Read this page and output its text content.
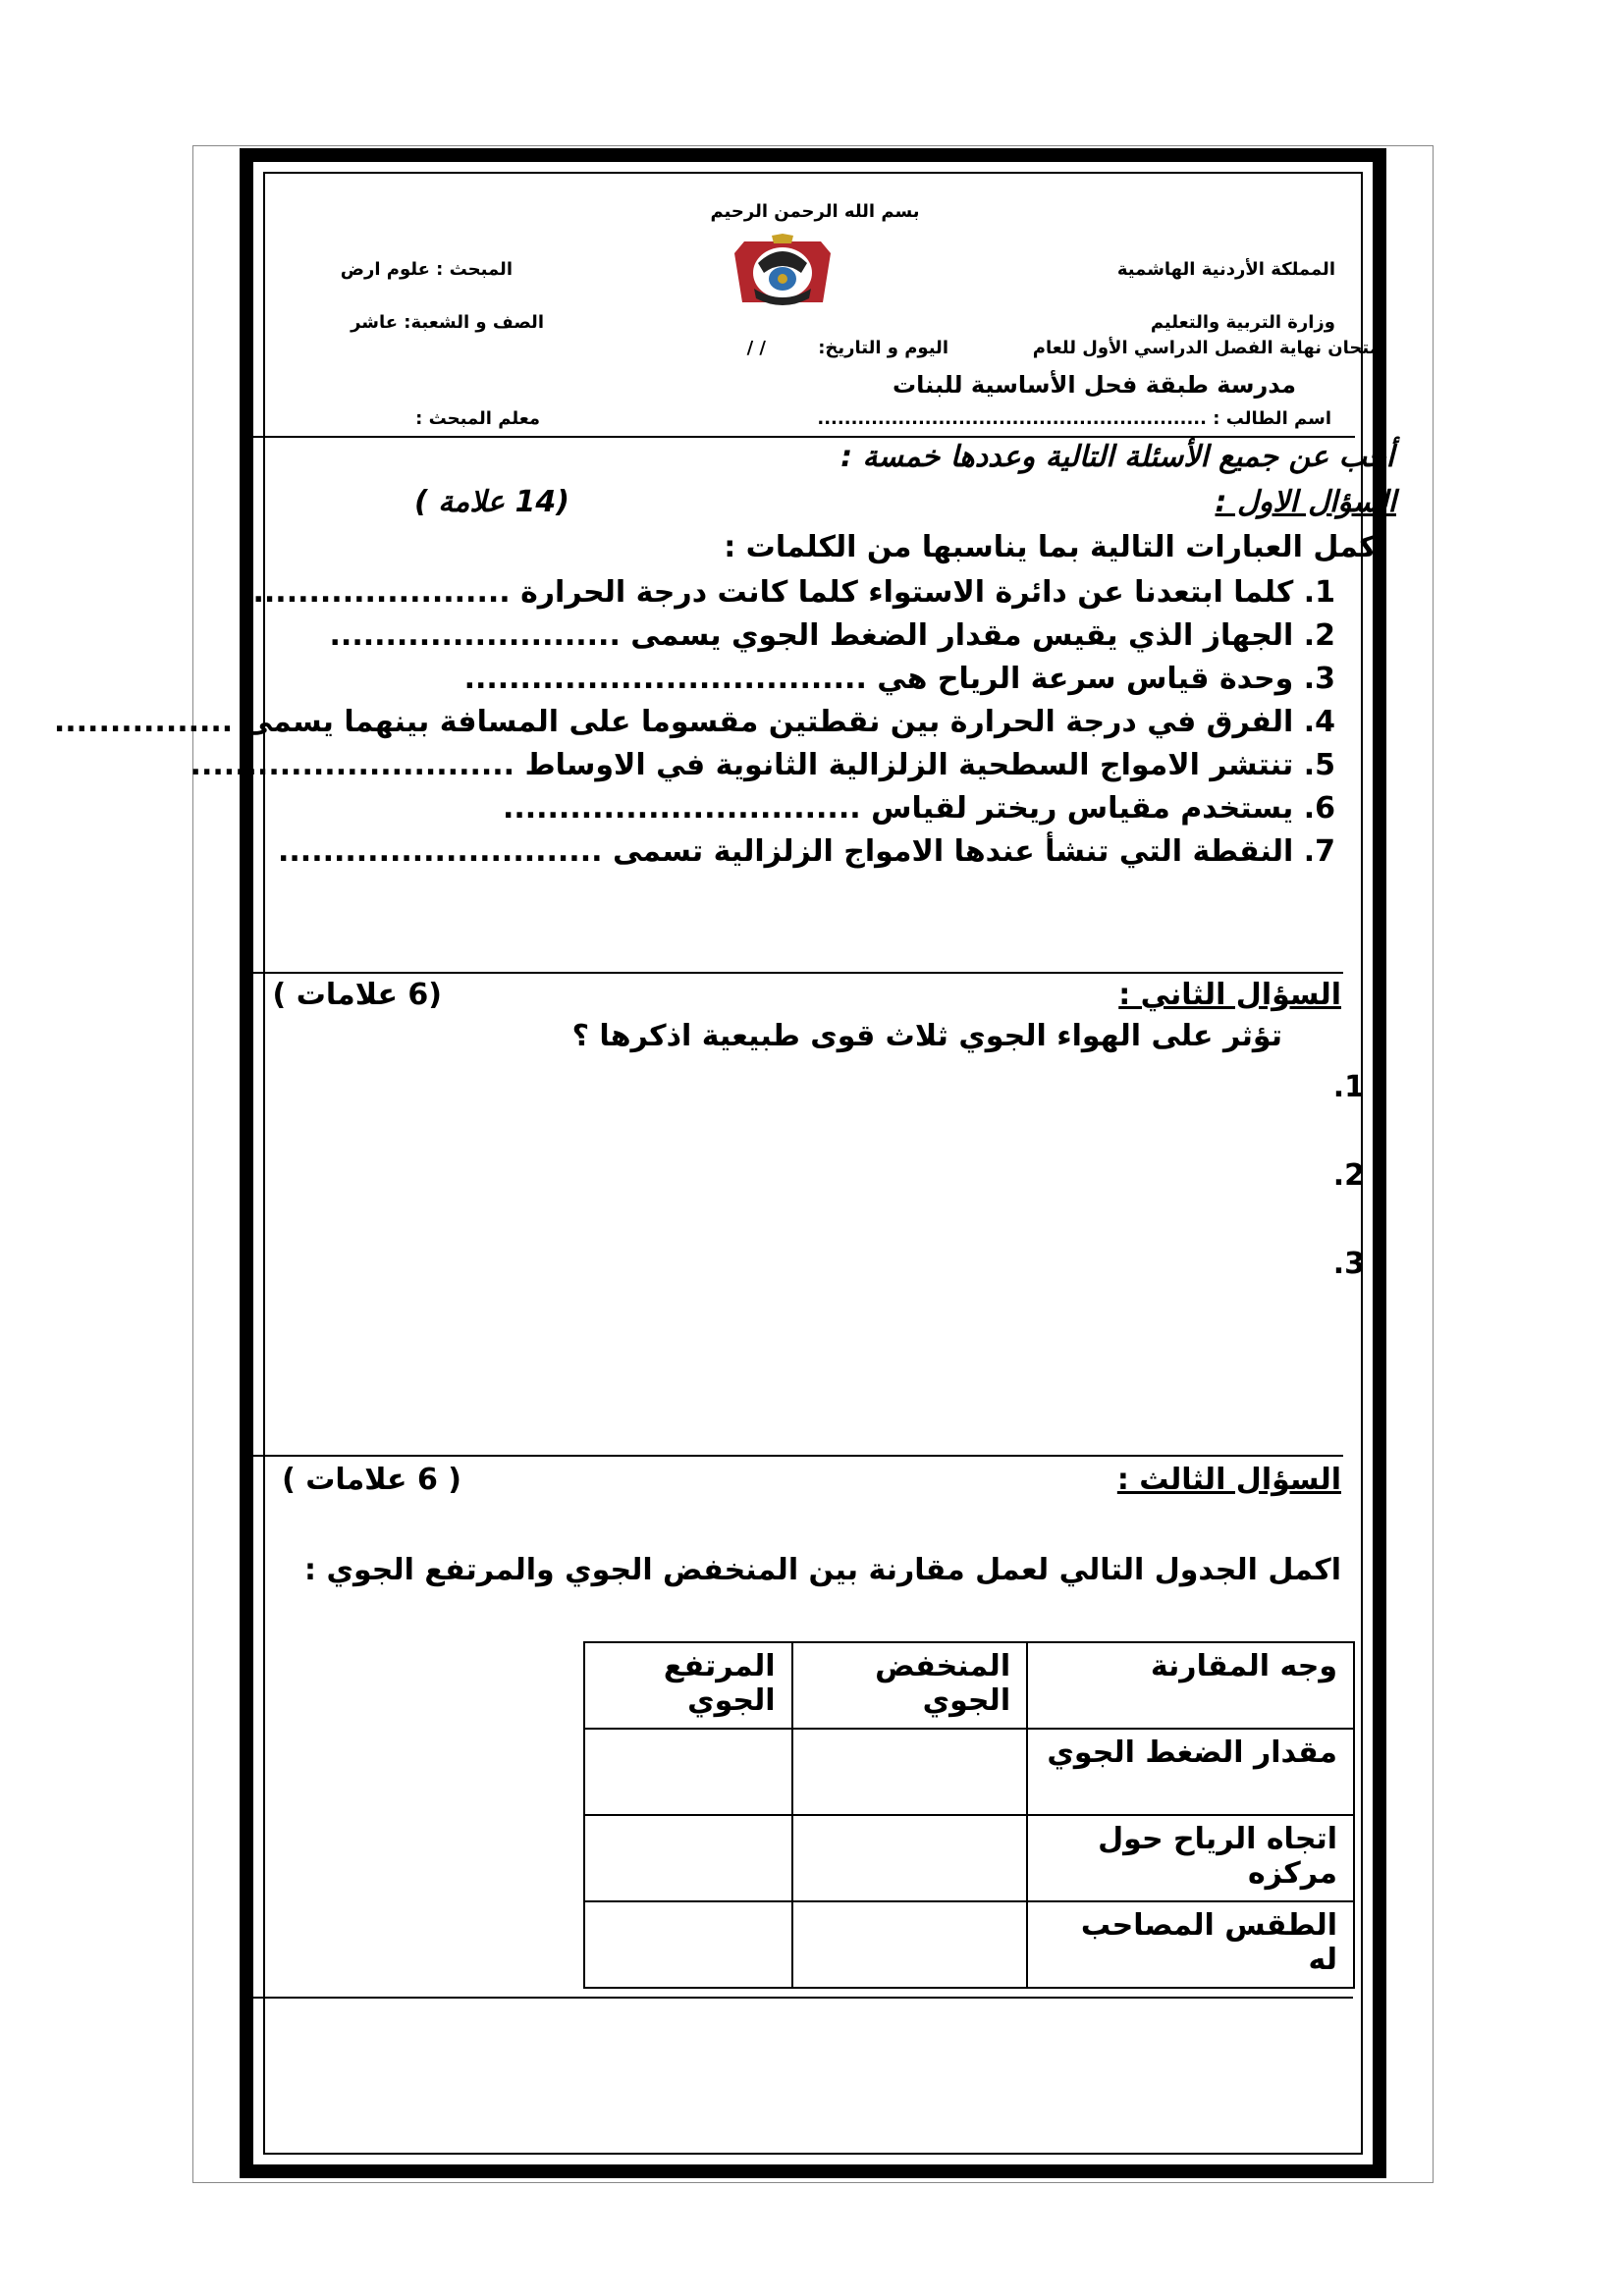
بسم الله الرحمن الرحيم
المملكة الأردنية الهاشمية
المبحث : علوم ارض
وزارة التربية والتعليم
الصف و الشعبة: عاشر
امتحان نهاية الفصل الدراسي الأول للعام
اليوم و التاريخ:
/ /
مدرسة طبقة فحل الأساسية للبنات
اسم الطالب : ..........................................................
معلم المبحث :
أجب عن جميع الأسئلة التالية وعددها خمسة :
السؤال الاول :
(14 علامة )
اكمل العبارات التالية بما يناسبها من الكلمات :
1. كلما ابتعدنا عن دائرة الاستواء كلما كانت درجة الحرارة .......................
2. الجهاز الذي يقيس مقدار الضغط الجوي يسمى ..........................
3. وحدة قياس سرعة الرياح هي ....................................
4. الفرق في درجة الحرارة بين نقطتين مقسوما على المسافة بينهما يسمى ................
5. تنتشر الامواج السطحية الزلزالية الثانوية في الاوساط .............................
6. يستخدم مقياس ريختر لقياس ................................
7. النقطة التي تنشأ عندها الامواج الزلزالية تسمى .............................
السؤال الثاني :
(6 علامات )
تؤثر على الهواء الجوي ثلاث قوى طبيعية اذكرها ؟
.1
.2
.3
السؤال الثالث :
( 6 علامات )
اكمل الجدول التالي لعمل مقارنة بين المنخفض الجوي والمرتفع الجوي :
وجه المقارنة	المنخفض الجوي	المرتفع الجوي
مقدار الضغط الجوي		
اتجاه الرياح حول مركزه		
الطقس المصاحب له		
